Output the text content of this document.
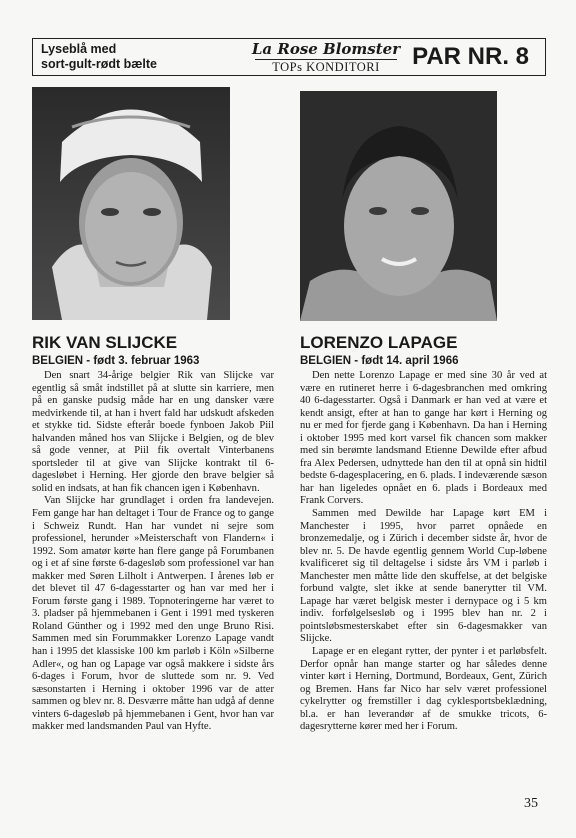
Lyseblå med
sort-gult-rødt bælte
La Rose Blomster
TOPs KONDITORI	PAR NR. 8
RIK VAN SLIJCKE
BELGIEN - født 3. februar 1963

Den snart 34-årige belgier Rik van Slijcke var egentlig så småt indstillet på at slutte sin karriere, men på en ganske pudsig måde har en ung dansker være medvirkende til, at han i hvert fald har udskudt afskeden et stykke tid. Sidste efterår boede fynboen Jakob Piil halvanden måned hos van Slijcke i Belgien, og de blev så gode venner, at Piil fik overtalt Vinterbanens sportsleder til at give van Slijcke kontrakt til 6-dagesløbet i Herning. Her gjorde den brave belgier så solid en indsats, at han fik chancen igen i København.

Van Slijcke har grundlaget i orden fra landevejen. Fem gange har han deltaget i Tour de France og to gange i Schweiz Rundt. Han har vundet ni sejre som professionel, herunder »Meisterschaft von Flandern« i 1992. Som amatør kørte han flere gange på Forumbanen og i et af sine første 6-dagesløb som professionel var han makker med Søren Lilholt i Antwerpen. I årenes løb er det blevet til 47 6-dagesstarter og han var med her i Forum første gang i 1989. Topnoteringerne har været to 3. pladser på hjemmebanen i Gent i 1991 med tyskeren Roland Günther og i 1992 med den unge Bruno Risi. Sammen med sin Forummakker Lorenzo Lapage vandt han i 1995 det klassiske 100 km parløb i Köln »Silberne Adler«, og han og Lapage var også makkere i sidste års 6-dages i Forum, hvor de sluttede som nr. 9. Ved sæsonstarten i Herning i oktober 1996 var de atter sammen og blev nr. 8. Desværre måtte han udgå af denne vinters 6-dagesløb på hjemmebanen i Gent, hvor han var makker med landsmanden Paul van Hyfte.

LORENZO LAPAGE
BELGIEN - født 14. april 1966

Den nette Lorenzo Lapage er med sine 30 år ved at være en rutineret herre i 6-dagesbranchen med omkring 40 6-dagesstarter. Også i Danmark er han ved at være et kendt ansigt, efter at han to gange har kørt i Herning og nu er med for fjerde gang i København. Da han i Herning i oktober 1995 med kort varsel fik chancen som makker med sin berømte landsmand Etienne Dewilde efter afbud fra Alex Pedersen, udnyttede han den til at opnå sin hidtil bedste 6-dagesplacering, en 6. plads. I indeværende sæson har han ligeledes opnået en 6. plads i Bordeaux med Frank Corvers.

Sammen med Dewilde har Lapage kørt EM i Manchester i 1995, hvor parret opnåede en bronzemedalje, og i Zürich i december sidste år, hvor de blev nr. 5. De havde egentlig gennem World Cup-løbene kvalificeret sig til deltagelse i sidste års VM i parløb i Manchester men måtte lide den skuffelse, at det belgiske forbund valgte, slet ikke at sende banerytter til VM. Lapage har været belgisk mester i dernypace og i 5 km indiv. forfølgelsesløb og i 1995 blev han nr. 2 i pointsløbsmesterskabet efter sin 6-dagesmakker van Slijcke.

Lapage er en elegant rytter, der pynter i et parløbsfelt. Derfor opnår han mange starter og har således denne vinter kørt i Herning, Dortmund, Bordeaux, Gent, Zürich og Bremen. Hans far Nico har selv været professionel cykelrytter og fremstiller i dag cyklesportsbeklædning, bl.a. er han leverandør af de smukke tricots, 6-dagesrytterne kører med her i Forum.

35
